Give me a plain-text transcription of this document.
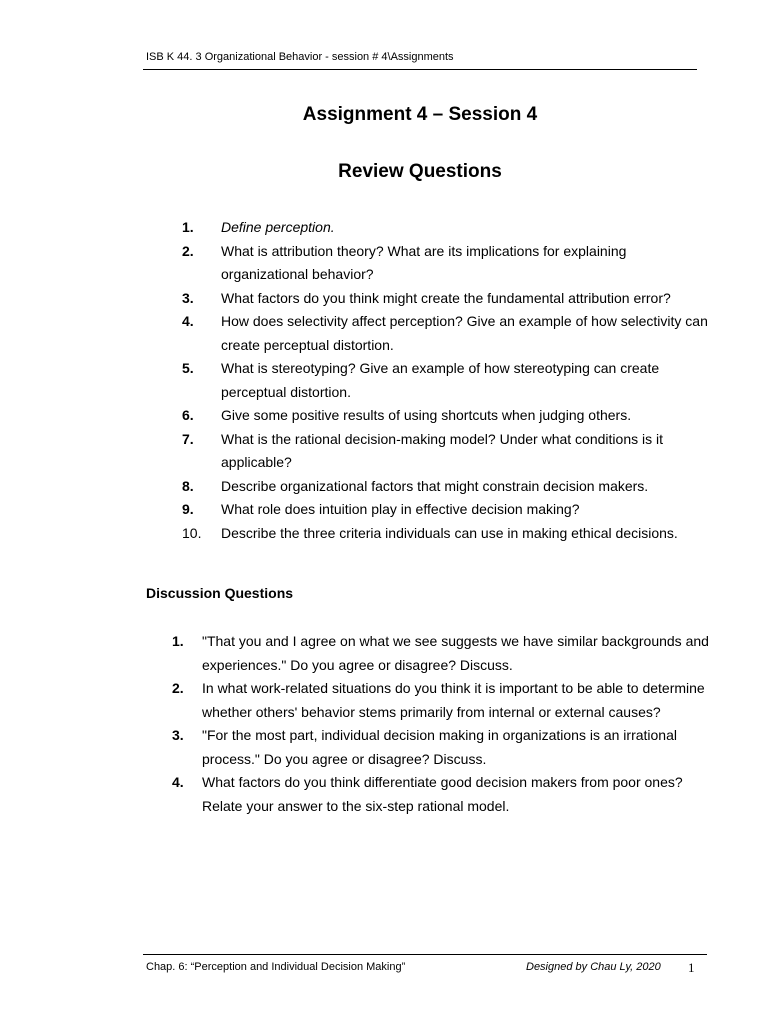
ISB K 44. 3 Organizational Behavior - session # 4\Assignments
Assignment 4 – Session 4
Review Questions
1.	Define perception.
2.	What is attribution theory? What are its implications for explaining organizational behavior?
3.	What factors do you think might create the fundamental attribution error?
4.	How does selectivity affect perception? Give an example of how selectivity can create perceptual distortion.
5.	What is stereotyping? Give an example of how stereotyping can create perceptual distortion.
6.	Give some positive results of using shortcuts when judging others.
7.	What is the rational decision-making model? Under what conditions is it applicable?
8.	Describe organizational factors that might constrain decision makers.
9.	What role does intuition play in effective decision making?
10.	Describe the three criteria individuals can use in making ethical decisions.
Discussion Questions
1.	"That you and I agree on what we see suggests we have similar backgrounds and experiences." Do you agree or disagree? Discuss.
2.	In what work-related situations do you think it is important to be able to determine whether others' behavior stems primarily from internal or external causes?
3.	"For the most part, individual decision making in organizations is an irrational process." Do you agree or disagree? Discuss.
4.	What factors do you think differentiate good decision makers from poor ones? Relate your answer to the six-step rational model.
Chap. 6: “Perception and Individual Decision Making”	Designed by Chau Ly, 2020 1
